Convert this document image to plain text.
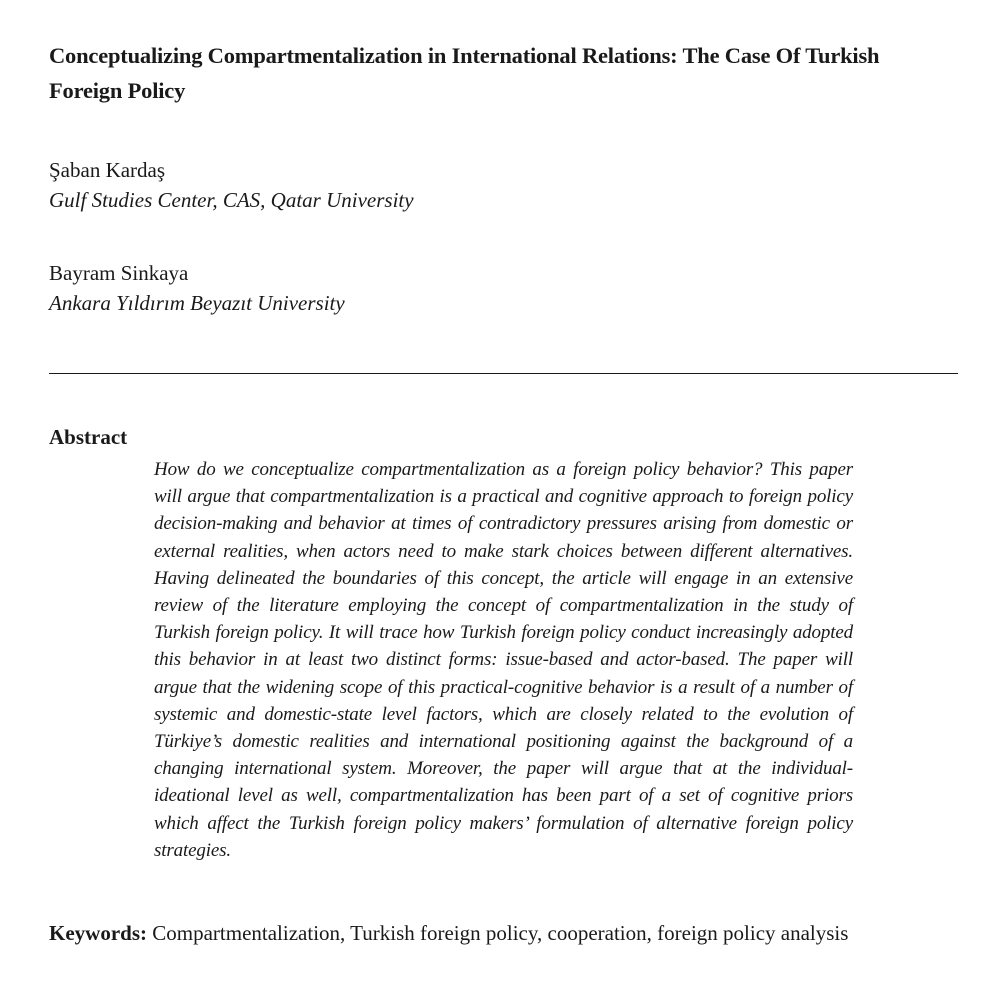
Conceptualizing Compartmentalization in International Relations: The Case Of Turkish Foreign Policy
Şaban Kardaş
Gulf Studies Center, CAS, Qatar University
Bayram Sinkaya
Ankara Yıldırım Beyazıt University
Abstract

How do we conceptualize compartmentalization as a foreign policy behavior? This paper will argue that compartmentalization is a practical and cognitive approach to foreign policy decision-making and behavior at times of contradictory pressures arising from domestic or external realities, when actors need to make stark choices between different alternatives. Having delineated the boundaries of this concept, the article will engage in an extensive review of the literature employing the concept of compartmentalization in the study of Turkish foreign policy. It will trace how Turkish foreign policy conduct increasingly adopted this behavior in at least two distinct forms: issue-based and actor-based. The paper will argue that the widening scope of this practical-cognitive behavior is a result of a number of systemic and domestic-state level factors, which are closely related to the evolution of Türkiye’s domestic realities and international positioning against the background of a changing international system. Moreover, the paper will argue that at the individual-ideational level as well, compartmentalization has been part of a set of cognitive priors which affect the Turkish foreign policy makers’ formulation of alternative foreign policy strategies.

Keywords: Compartmentalization, Turkish foreign policy, cooperation, foreign policy analysis
